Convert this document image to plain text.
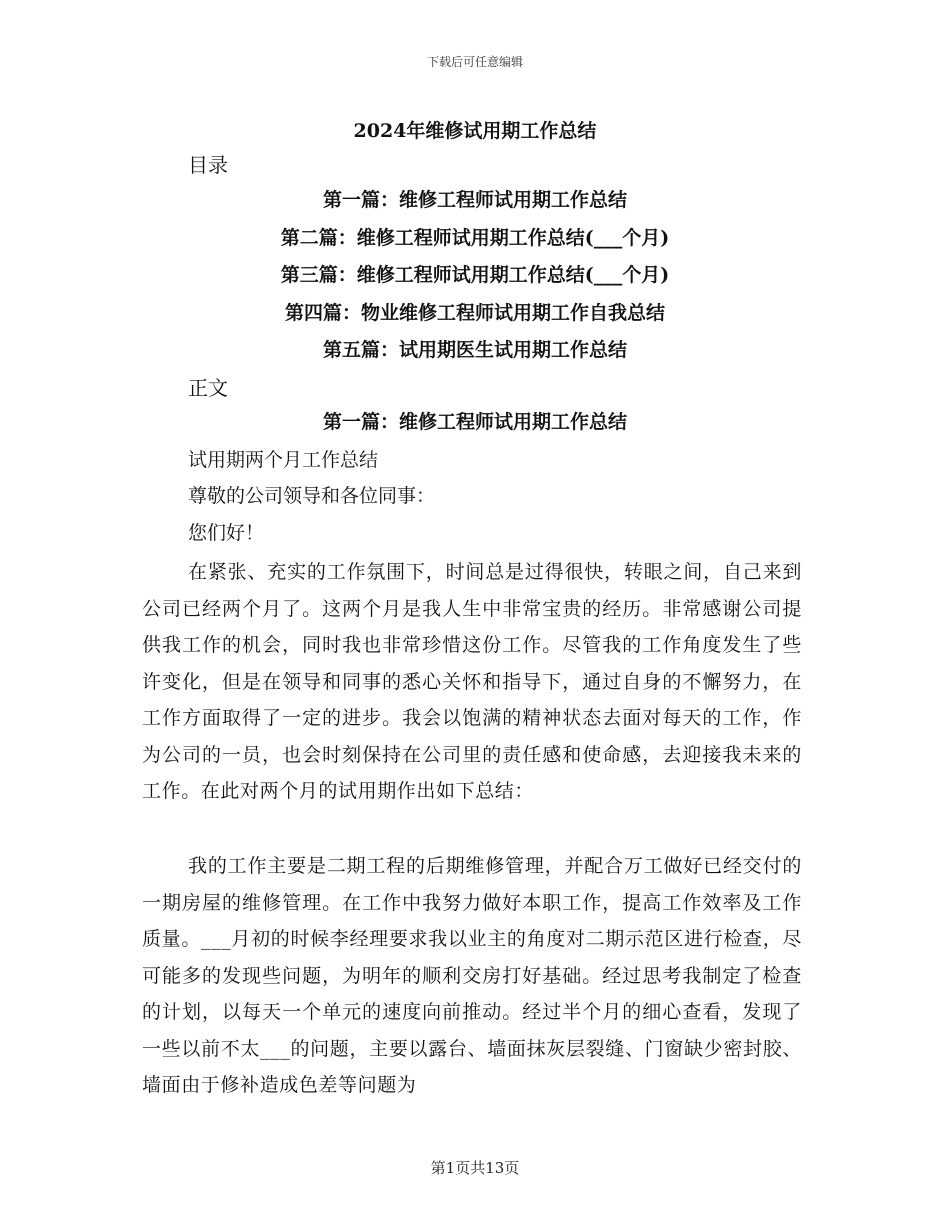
下载后可任意编辑
2024年维修试用期工作总结
目录
第一篇：维修工程师试用期工作总结
第二篇：维修工程师试用期工作总结(___个月)
第三篇：维修工程师试用期工作总结(___个月)
第四篇：物业维修工程师试用期工作自我总结
第五篇：试用期医生试用期工作总结
正文
第一篇：维修工程师试用期工作总结
试用期两个月工作总结
尊敬的公司领导和各位同事：
您们好！

在紧张、充实的工作氛围下，时间总是过得很快，转眼之间，自己来到公司已经两个月了。这两个月是我人生中非常宝贵的经历。非常感谢公司提供我工作的机会，同时我也非常珍惜这份工作。尽管我的工作角度发生了些许变化，但是在领导和同事的悉心关怀和指导下，通过自身的不懈努力，在工作方面取得了一定的进步。我会以饱满的精神状态去面对每天的工作，作为公司的一员，也会时刻保持在公司里的责任感和使命感，去迎接我未来的工作。在此对两个月的试用期作出如下总结：

我的工作主要是二期工程的后期维修管理，并配合万工做好已经交付的一期房屋的维修管理。在工作中我努力做好本职工作，提高工作效率及工作质量。___月初的时候李经理要求我以业主的角度对二期示范区进行检查，尽可能多的发现些问题，为明年的顺利交房打好基础。经过思考我制定了检查的计划，以每天一个单元的速度向前推动。经过半个月的细心查看，发现了一些以前不太___的问题，主要以露台、墙面抹灰层裂缝、门窗缺少密封胶、墙面由于修补造成色差等问题为

第1页共13页
